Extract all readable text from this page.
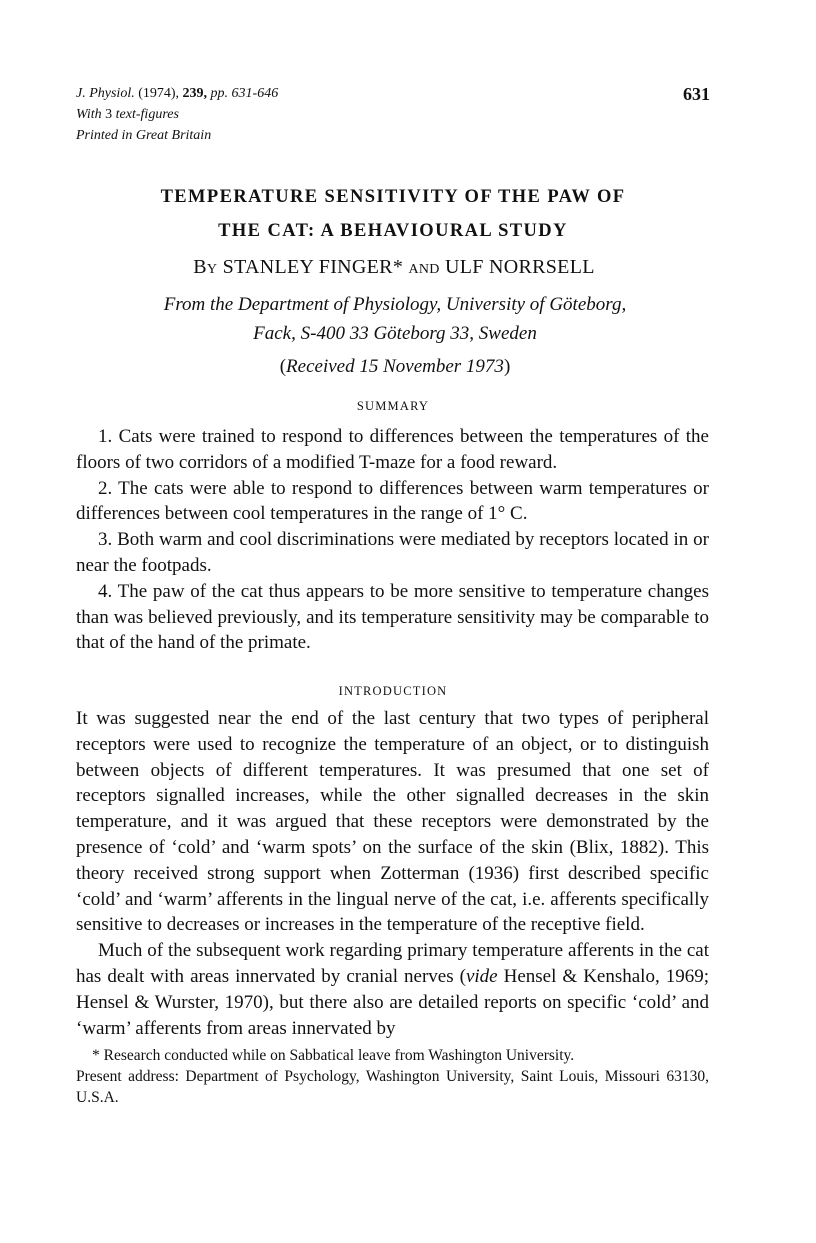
J. Physiol. (1974), 239, pp. 631-646
With 3 text-figures
Printed in Great Britain
631
TEMPERATURE SENSITIVITY OF THE PAW OF
THE CAT: A BEHAVIOURAL STUDY
BY STANLEY FINGER* AND ULF NORRSELL
From the Department of Physiology, University of Göteborg,
Fack, S-400 33 Göteborg 33, Sweden
(Received 15 November 1973)
SUMMARY

1. Cats were trained to respond to differences between the temperatures of the floors of two corridors of a modified T-maze for a food reward.

2. The cats were able to respond to differences between warm temperatures or differences between cool temperatures in the range of 1° C.

3. Both warm and cool discriminations were mediated by receptors located in or near the footpads.

4. The paw of the cat thus appears to be more sensitive to temperature changes than was believed previously, and its temperature sensitivity may be comparable to that of the hand of the primate.

INTRODUCTION

It was suggested near the end of the last century that two types of peripheral receptors were used to recognize the temperature of an object, or to distinguish between objects of different temperatures. It was presumed that one set of receptors signalled increases, while the other signalled decreases in the skin temperature, and it was argued that these receptors were demonstrated by the presence of ‘cold’ and ‘warm spots’ on the surface of the skin (Blix, 1882). This theory received strong support when Zotterman (1936) first described specific ‘cold’ and ‘warm’ afferents in the lingual nerve of the cat, i.e. afferents specifically sensitive to decreases or increases in the temperature of the receptive field.

Much of the subsequent work regarding primary temperature afferents in the cat has dealt with areas innervated by cranial nerves (vide Hensel & Kenshalo, 1969; Hensel & Wurster, 1970), but there also are detailed reports on specific ‘cold’ and ‘warm’ afferents from areas innervated by

* Research conducted while on Sabbatical leave from Washington University.

Present address: Department of Psychology, Washington University, Saint Louis, Missouri 63130, U.S.A.
